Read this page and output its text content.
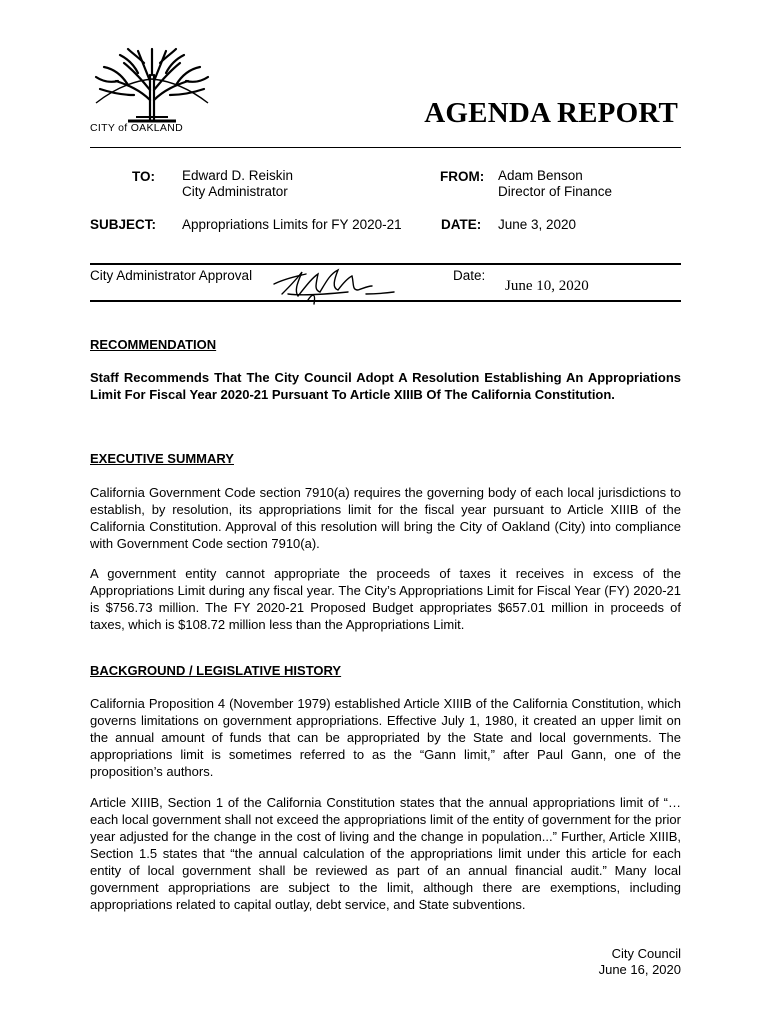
CITY of OAKLAND	AGENDA REPORT
TO: Edward D. Reiskin
City Administrator
FROM: Adam Benson
Director of Finance
SUBJECT: Appropriations Limits for FY 2020-21	DATE: June 3, 2020
City Administrator Approval	Date:
June 10, 2020
RECOMMENDATION

Staff Recommends That The City Council Adopt A Resolution Establishing An Appropriations Limit For Fiscal Year 2020-21 Pursuant To Article XIIIB Of The California Constitution.

EXECUTIVE SUMMARY

California Government Code section 7910(a) requires the governing body of each local jurisdictions to establish, by resolution, its appropriations limit for the fiscal year pursuant to Article XIIIB of the California Constitution. Approval of this resolution will bring the City of Oakland (City) into compliance with Government Code section 7910(a).

A government entity cannot appropriate the proceeds of taxes it receives in excess of the Appropriations Limit during any fiscal year. The City’s Appropriations Limit for Fiscal Year (FY) 2020-21 is $756.73 million. The FY 2020-21 Proposed Budget appropriates $657.01 million in proceeds of taxes, which is $108.72 million less than the Appropriations Limit.

BACKGROUND / LEGISLATIVE HISTORY

California Proposition 4 (November 1979) established Article XIIIB of the California Constitution, which governs limitations on government appropriations. Effective July 1, 1980, it created an upper limit on the annual amount of funds that can be appropriated by the State and local governments. The appropriations limit is sometimes referred to as the “Gann limit,” after Paul Gann, one of the proposition’s authors.

Article XIIIB, Section 1 of the California Constitution states that the annual appropriations limit of “…each local government shall not exceed the appropriations limit of the entity of government for the prior year adjusted for the change in the cost of living and the change in population...” Further, Article XIIIB, Section 1.5 states that “the annual calculation of the appropriations limit under this article for each entity of local government shall be reviewed as part of an annual financial audit.” Many local government appropriations are subject to the limit, although there are exemptions, including appropriations related to capital outlay, debt service, and State subventions.

City Council
June 16, 2020
